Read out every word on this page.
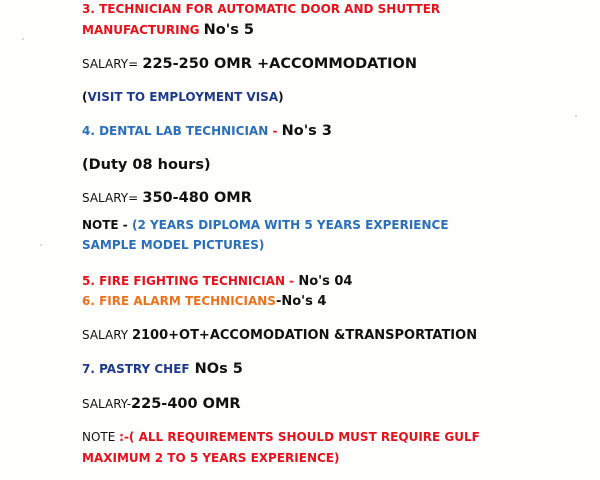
3. TECHNICIAN FOR AUTOMATIC DOOR AND SHUTTER
MANUFACTURING No's 5
SALARY= 225-250 OMR +ACCOMMODATION
(VISIT TO EMPLOYMENT VISA)
4. DENTAL LAB TECHNICIAN - No's 3
(Duty 08 hours)
SALARY= 350-480 OMR
NOTE - (2 YEARS DIPLOMA WITH 5 YEARS EXPERIENCE
SAMPLE MODEL PICTURES)
5. FIRE FIGHTING TECHNICIAN - No's 04
6. FIRE ALARM TECHNICIANS-No's 4
SALARY 2100+OT+ACCOMODATION &TRANSPORTATION
7. PASTRY CHEF NOs 5
SALARY-225-400 OMR
NOTE :-( ALL REQUIREMENTS SHOULD MUST REQUIRE GULF
MAXIMUM 2 TO 5 YEARS EXPERIENCE)
